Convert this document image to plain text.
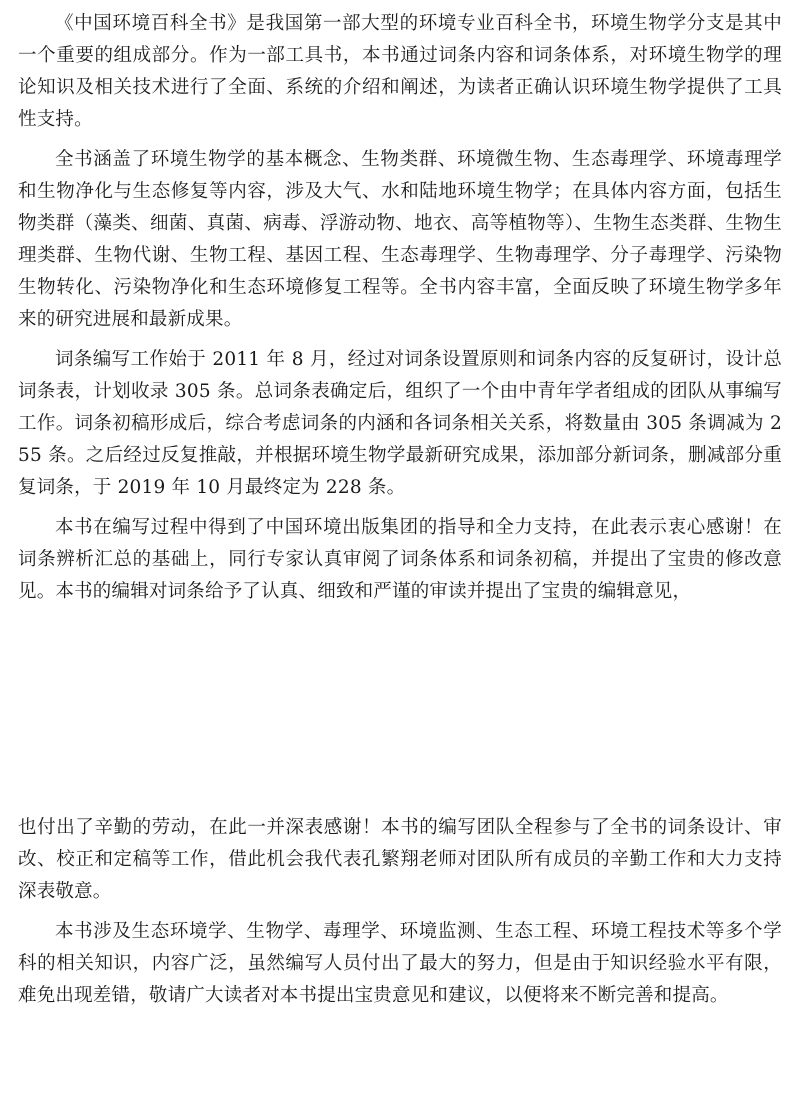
《中国环境百科全书》是我国第一部大型的环境专业百科全书，环境生物学分支是其中一个重要的组成部分。作为一部工具书，本书通过词条内容和词条体系，对环境生物学的理论知识及相关技术进行了全面、系统的介绍和阐述，为读者正确认识环境生物学提供了工具性支持。

全书涵盖了环境生物学的基本概念、生物类群、环境微生物、生态毒理学、环境毒理学和生物净化与生态修复等内容，涉及大气、水和陆地环境生物学；在具体内容方面，包括生物类群（藻类、细菌、真菌、病毒、浮游动物、地衣、高等植物等）、生物生态类群、生物生理类群、生物代谢、生物工程、基因工程、生态毒理学、生物毒理学、分子毒理学、污染物生物转化、污染物净化和生态环境修复工程等。全书内容丰富，全面反映了环境生物学多年来的研究进展和最新成果。

词条编写工作始于 2011 年 8 月，经过对词条设置原则和词条内容的反复研讨，设计总词条表，计划收录 305 条。总词条表确定后，组织了一个由中青年学者组成的团队从事编写工作。词条初稿形成后，综合考虑词条的内涵和各词条相关关系，将数量由 305 条调减为 255 条。之后经过反复推敲，并根据环境生物学最新研究成果，添加部分新词条，删减部分重复词条，于 2019 年 10 月最终定为 228 条。

本书在编写过程中得到了中国环境出版集团的指导和全力支持，在此表示衷心感谢！在词条辨析汇总的基础上，同行专家认真审阅了词条体系和词条初稿，并提出了宝贵的修改意见。本书的编辑对词条给予了认真、细致和严谨的审读并提出了宝贵的编辑意见，

也付出了辛勤的劳动，在此一并深表感谢！本书的编写团队全程参与了全书的词条设计、审改、校正和定稿等工作，借此机会我代表孔繁翔老师对团队所有成员的辛勤工作和大力支持深表敬意。

本书涉及生态环境学、生物学、毒理学、环境监测、生态工程、环境工程技术等多个学科的相关知识，内容广泛，虽然编写人员付出了最大的努力，但是由于知识经验水平有限，难免出现差错，敬请广大读者对本书提出宝贵意见和建议，以便将来不断完善和提高。
